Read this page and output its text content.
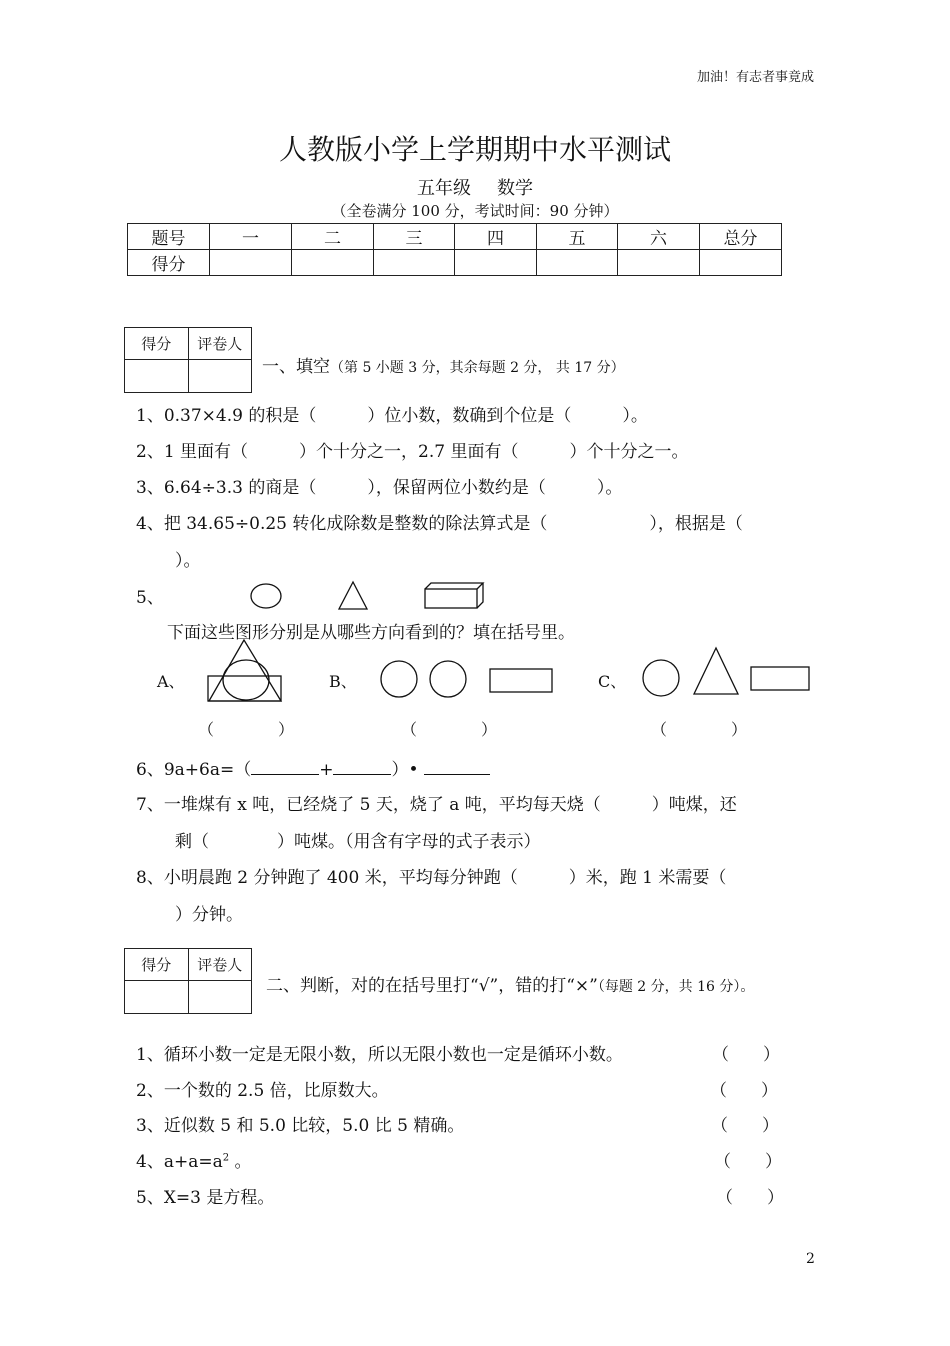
加油！有志者事竟成
人教版小学上学期期中水平测试
五年级 数学
（全卷满分 100 分，考试时间：90 分钟）
题号	一	二	三	四	五	六	总分
得分							
得分	评卷人

一、填空（第 5 小题 3 分，其余每题 2 分， 共 17 分）
1、0.37×4.9 的积是（　　　）位小数，数确到个位是（　　　）。
2、1 里面有（　　　）个十分之一，2.7 里面有（　　　）个十分之一。
3、6.64÷3.3 的商是（　　　），保留两位小数约是（　　　）。
4、把 34.65÷0.25 转化成除数是整数的除法算式是（　　　　　　），根据是（
）。
5、
下面这些图形分别是从哪些方向看到的？填在括号里。
A、	B、	C、
（　　　　）	（　　　　）	（　　　　）
6、9a+6a=（	+	）•
7、一堆煤有 x 吨，已经烧了 5 天，烧了 a 吨，平均每天烧（　　　）吨煤，还
剩（　　　　）吨煤。（用含有字母的式子表示）
8、小明晨跑 2 分钟跑了 400 米，平均每分钟跑（　　　）米，跑 1 米需要（
）分钟。
得分	评卷人

二、判断，对的在括号里打“√”，错的打“×”（每题 2 分，共 16 分）。
1、循环小数一定是无限小数，所以无限小数也一定是循环小数。	（　　）
2、一个数的 2.5 倍，比原数大。	（　　）
3、近似数 5 和 5.0 比较，5.0 比 5 精确。	（　　）
4、$a+a=a^2$ 。	（　　）
5、X=3 是方程。	（　　）
2
